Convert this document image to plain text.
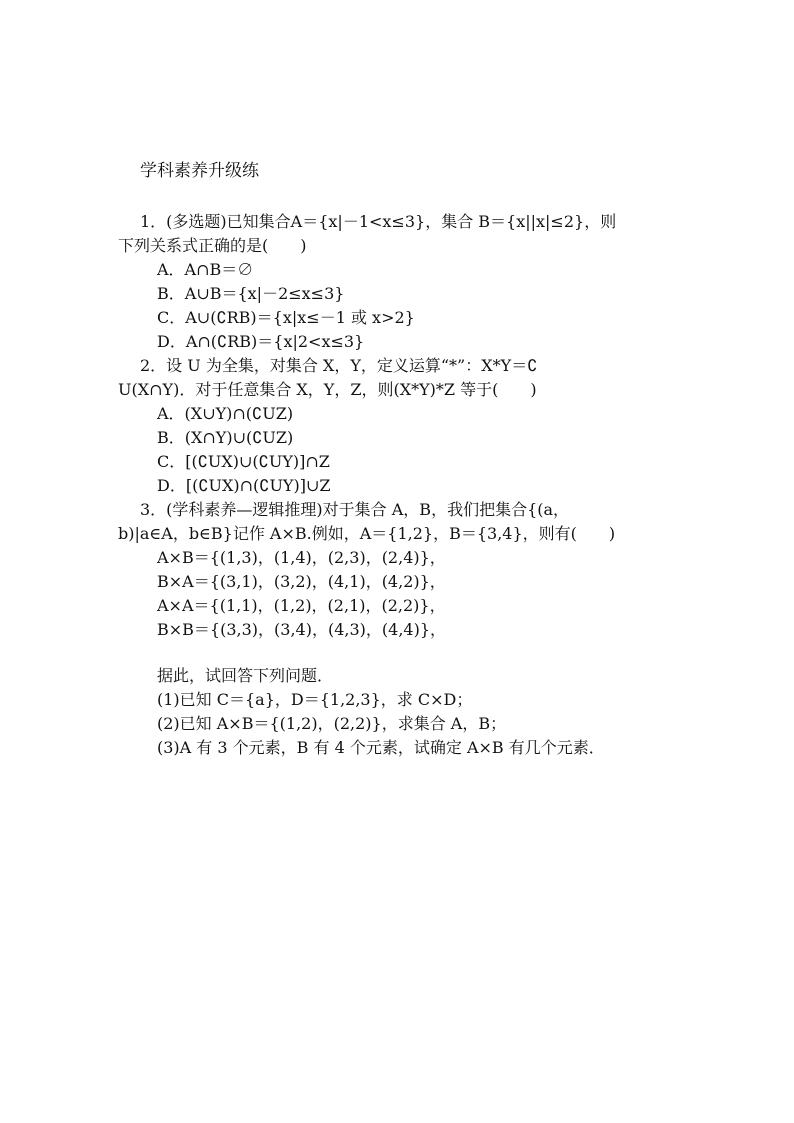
学科素养升级练
1．(多选题)已知集合A＝{x|－1<x≤3}，集合 B＝{x||x|≤2}，则
下列关系式正确的是(　　)
A．A∩B＝∅
B．A∪B＝{x|－2≤x≤3}
C．A∪(∁RB)＝{x|x≤－1 或 x>2}
D．A∩(∁RB)＝{x|2<x≤3}
2．设 U 为全集，对集合 X，Y，定义运算“*”：X*Y＝∁
U(X∩Y)．对于任意集合 X，Y，Z，则(X*Y)*Z 等于(　　)
A．(X∪Y)∩(∁UZ)
B．(X∩Y)∪(∁UZ)
C．[(∁UX)∪(∁UY)]∩Z
D．[(∁UX)∩(∁UY)]∪Z
3．(学科素养—逻辑推理)对于集合 A，B，我们把集合{(a，
b)|a∈A，b∈B}记作 A×B.例如，A＝{1,2}，B＝{3,4}，则有(　　)
A×B＝{(1,3)，(1,4)，(2,3)，(2,4)}，
B×A＝{(3,1)，(3,2)，(4,1)，(4,2)}，
A×A＝{(1,1)，(1,2)，(2,1)，(2,2)}，
B×B＝{(3,3)，(3,4)，(4,3)，(4,4)}，
据此，试回答下列问题．
(1)已知 C＝{a}，D＝{1,2,3}，求 C×D；
(2)已知 A×B＝{(1,2)，(2,2)}，求集合 A，B；
(3)A 有 3 个元素，B 有 4 个元素，试确定 A×B 有几个元素．
